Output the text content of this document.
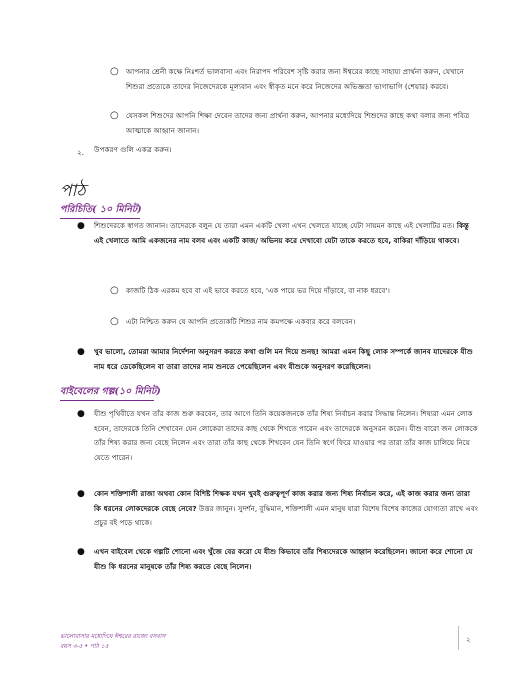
○ আপনার শ্রেনী কক্ষে নিঃশর্ত ভালবাসা এবং নিরাপদ পরিবেশ সৃষ্টি করার জন্য ঈশ্বরের কাছে সাহায্য প্রার্থনা করুন, যেখানে শিশুরা প্রত্যেকে তাদের নিজেদেরকে মূল্যবান এবং স্বীকৃত মনে করে নিজেদের অভিজ্ঞতা ভাগাভাগি (শেয়ার) করবে।
○ যেসকল শিশুদের আপনি শিক্ষা দেবেন তাদের জন্য প্রার্থনা করুন, আপনার মধ্যেদিয়ে শিশুদের কাছে কথা বলার জন্য পবিত্র আত্মাকে আহ্বান জানান।
২. উপকরণ গুলি একত্র করুন।
পাঠ
পরিচিতি( ১০ মিনিট)
● শিশুদেরকে স্বাগত জানান। তাদেরকে বলুন যে তারা এমন একটি খেলা এখন খেলতে যাচ্ছে যেটা সায়মন কাছে এই খেলাটির মত। কিন্তু এই খেলাতে আমি একজনের নাম বলব এবং একটি কাজ/ অভিনয় করে দেখাবো যেটা তাকে করতে হবে, বাকিরা দাঁড়িয়ে থাকবে।
○ কাজটি ঠিক এরকম হবে বা এই ভাবে করতে হবে, 'এক পায়ে ভর দিয়ে দাঁড়াবে, বা নাক ধরবে'।
○ এটা নিশ্চিত করুন যে আপনি প্রত্যেকটি শিশুর নাম কমপক্ষে একবার করে বলবেন।
● খুব ভালো, তোমরা আমার নির্দেশনা অনুসরণ করতে কথা গুলি মন দিয়ে শুনছ! আমরা এমন কিছু লোক সম্পর্কে জানব যাদেরকে যীশু নাম ধরে ডেকেছিলেন বা তারা তাদের নাম শুনতে পেয়েছিলেন এবং যীশুকে অনুসরণ করেছিলেন।
বাইবেলের গল্প(১০ মিনিট)
● যীশু পৃথিবীতে যখন তাঁর কাজ শুরু করবেন, তার আগে তিনি কয়েকজনকে তাঁর শিষ্য নির্বাচন করার সিদ্ধান্ত নিলেন। শিষ্যরা এমন লোক হবেন, তাদেরকে তিনি শেখাবেন যেন লোকেরা তাদের কাছ থেকে শিখতে পারেন এবং তাদেরকে অনুসরন করেন। যীশু বারো জন লোককে তাঁর শিষ্য করার জন্য বেছে নিলেন এবং তারা তাঁর কাছ থেকে শিখবেন যেন তিনি স্বর্গে ফিরে যাওয়ার পর তারা তাঁর কাজ চালিয়ে নিয়ে যেতে পারেন।
● কোন শক্তিশালী রাজা অথবা কোন বিশিষ্ট শিক্ষক যখন খুবই গুরুত্বপূর্ণ কাজ করার জন্য শিষ্য নির্বাচন করে, এই কাজ করার জন্য তারা কি ধরনের লোকদেরকে বেছে নেবে? উত্তর জানুন। সুদর্শন, বুদ্ধিমান, শক্তিশালী এমন মানুষ যারা বিশেষ বিশেষ কাজের যোগ্যতা রাখে এবং প্রচুর বই পড়ে থাকে।
● এখন বাইবেল থেকে গল্পটি শোনো এবং খুঁজে বের করো যে যীশু কিভাবে তাঁর শিষ্যদেরকে আহ্বান করেছিলেন। জানো করে শোনো যে যীশু কি ধরনের মানুষকে তাঁর শিষ্য করতে বেছে নিলেন।
ভালোবাসার মধ্যেদিয়ে ঈশ্বরের রাজ্যে বসবাস
বয়স ৩-৫ • পাঠ ১৫
২
